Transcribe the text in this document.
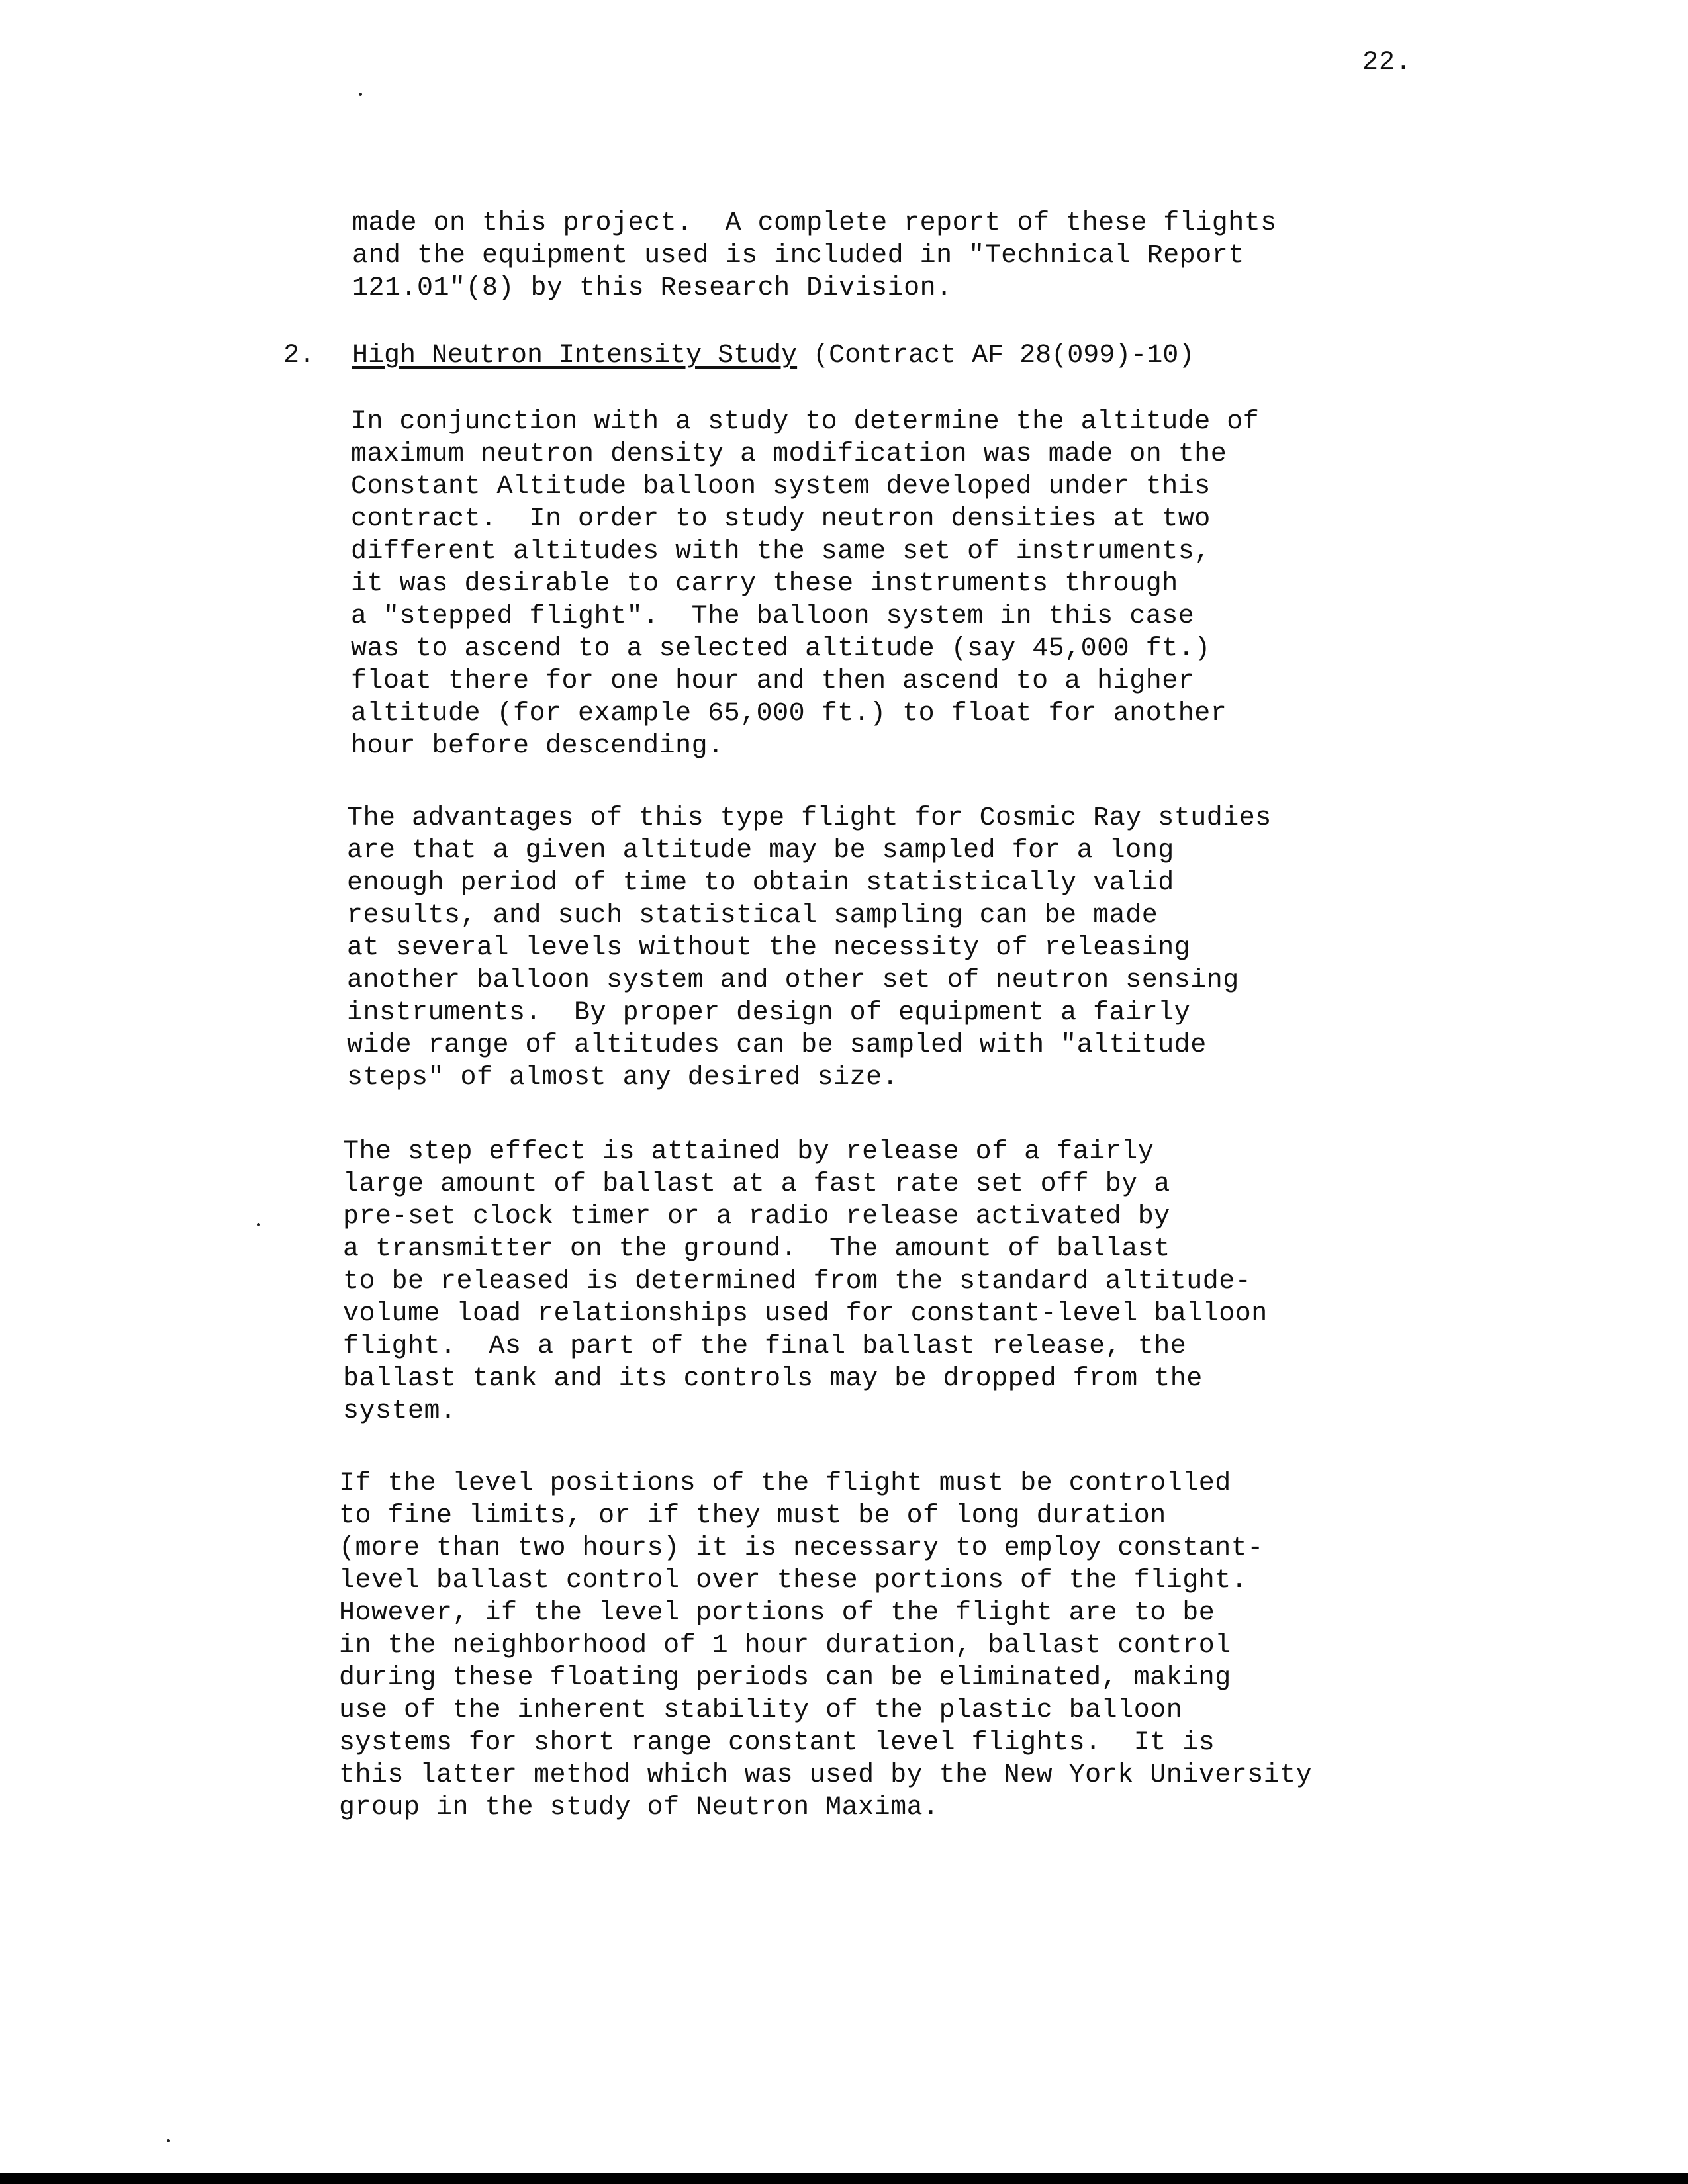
22.
made on this project.  A complete report of these flights
and the equipment used is included in "Technical Report
121.01"(8) by this Research Division.
2. High Neutron Intensity Study (Contract AF 28(099)-10)
In conjunction with a study to determine the altitude of
maximum neutron density a modification was made on the
Constant Altitude balloon system developed under this
contract.  In order to study neutron densities at two
different altitudes with the same set of instruments,
it was desirable to carry these instruments through
a "stepped flight".  The balloon system in this case
was to ascend to a selected altitude (say 45,000 ft.)
float there for one hour and then ascend to a higher
altitude (for example 65,000 ft.) to float for another
hour before descending.
The advantages of this type flight for Cosmic Ray studies
are that a given altitude may be sampled for a long
enough period of time to obtain statistically valid
results, and such statistical sampling can be made
at several levels without the necessity of releasing
another balloon system and other set of neutron sensing
instruments.  By proper design of equipment a fairly
wide range of altitudes can be sampled with "altitude
steps" of almost any desired size.
The step effect is attained by release of a fairly
large amount of ballast at a fast rate set off by a
pre-set clock timer or a radio release activated by
a transmitter on the ground.  The amount of ballast
to be released is determined from the standard altitude-
volume load relationships used for constant-level balloon
flight.  As a part of the final ballast release, the
ballast tank and its controls may be dropped from the
system.
If the level positions of the flight must be controlled
to fine limits, or if they must be of long duration
(more than two hours) it is necessary to employ constant-
level ballast control over these portions of the flight.
However, if the level portions of the flight are to be
in the neighborhood of 1 hour duration, ballast control
during these floating periods can be eliminated, making
use of the inherent stability of the plastic balloon
systems for short range constant level flights.  It is
this latter method which was used by the New York University
group in the study of Neutron Maxima.
